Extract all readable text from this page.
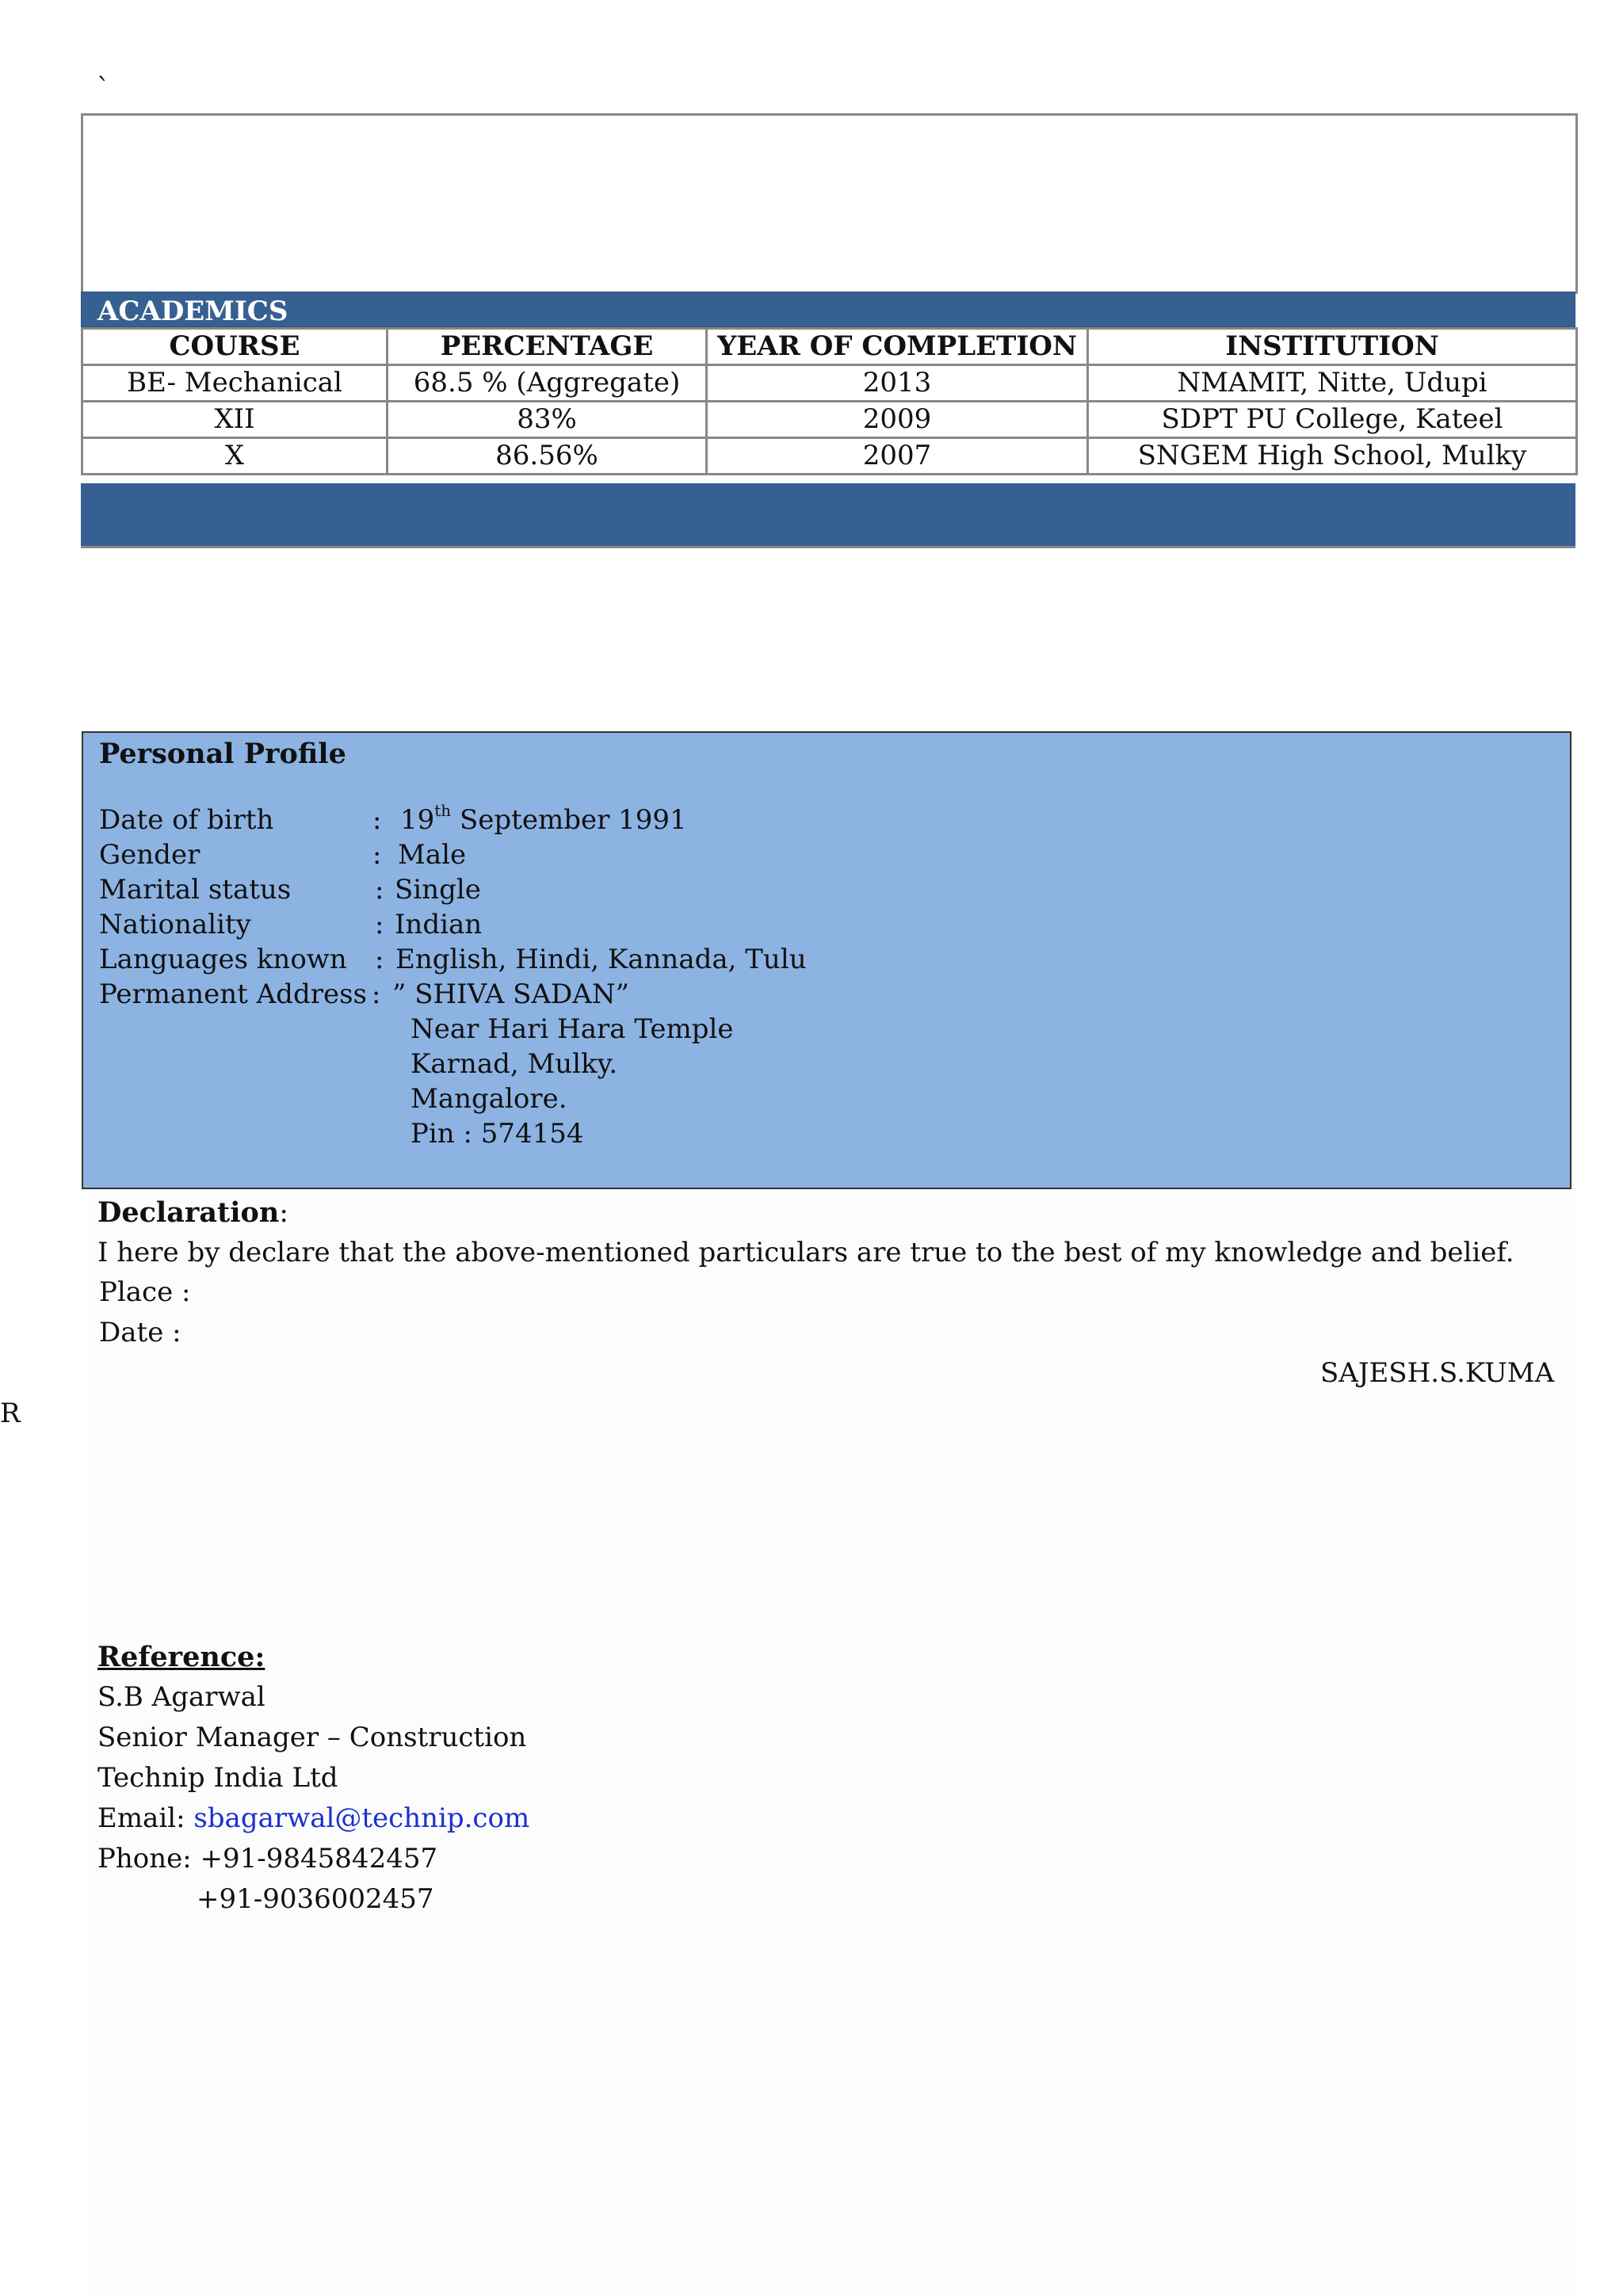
`
ACADEMICS
COURSE	PERCENTAGE	YEAR OF COMPLETION	INSTITUTION
BE- Mechanical	68.5 % (Aggregate)	2013	NMAMIT, Nitte, Udupi
XII	83%	2009	SDPT PU College, Kateel
X	86.56%	2007	SNGEM High School, Mulky
Personal Profile
Date of birth	: 19th September 1991
Gender	: Male
Marital status	: Single
Nationality	: Indian
Languages known : English, Hindi, Kannada, Tulu
Permanent Address : ” SHIVA SADAN”
Near Hari Hara Temple
Karnad, Mulky.
Mangalore.
Pin : 574154
Declaration:
I here by declare that the above-mentioned particulars are true to the best of my knowledge and belief.
Place :
Date :
SAJESH.S.KUMA
R
Reference:
S.B Agarwal
Senior Manager – Construction
Technip India Ltd
Email: sbagarwal@technip.com
Phone: +91-9845842457
+91-9036002457
